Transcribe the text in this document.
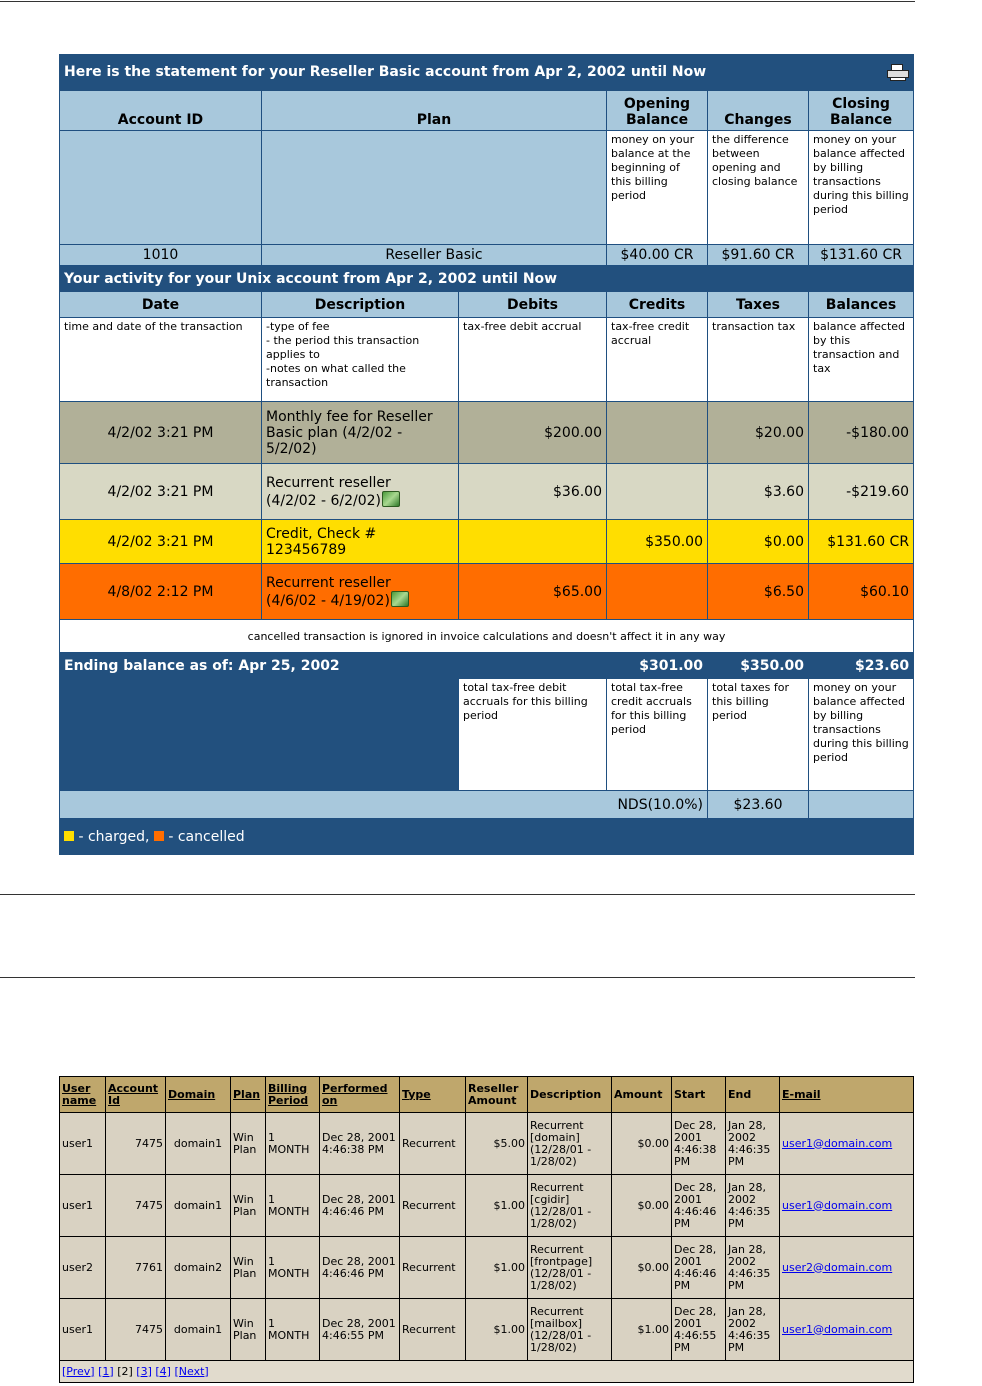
Here is the statement for your Reseller Basic account from Apr 2, 2002 until Now						

Account ID	Plan		Opening Balance	Changes	Closing Balance	
			money on your balance at the beginning of this billing period	the difference between opening and closing balance	money on your balance affected by billing transactions during this billing period	
1010	Reseller Basic		$40.00 CR	$91.60 CR	$131.60 CR	
Your activity for your Unix account from Apr 2, 2002 until Now						
Date	Description	Debits	Credits	Taxes	Balances	
time and date of the transaction	-type of fee
- the period this transaction applies to
-notes on what called the transaction	tax-free debit accrual	tax-free credit accrual	transaction tax	balance affected by this transaction and tax	
4/2/02 3:21 PM	Monthly fee for Reseller Basic plan (4/2/02 - 5/2/02)	$200.00		$20.00	-$180.00	
4/2/02 3:21 PM	Recurrent reseller
(4/2/02 - 6/2/02)	$36.00		$3.60	-$219.60	
4/2/02 3:21 PM	Credit, Check # 123456789		$350.00	$0.00	$131.60 CR	
4/8/02 2:12 PM	Recurrent reseller
(4/6/02 - 4/19/02)	$65.00		$6.50	$60.10	
cancelled transaction is ignored in invoice calculations and doesn't affect it in any way						
Ending balance as of: Apr 25, 2002			$301.00	$350.00	$23.60	$131.60
		total tax-free debit accruals for this billing period	total tax-free credit accruals for this billing period	total taxes for this billing period	money on your balance affected by billing transactions during this billing period	
NDS(10.0%)				$23.60		
- charged,  - cancelled						
User name	Account Id	Domain	Plan	Billing Period	Performed on	Type	Reseller Amount	Description	Amount	Start	End	E-mail
user1	7475	domain1	Win Plan	1 MONTH	Dec 28, 2001 4:46:38 PM	Recurrent	$5.00	Recurrent [domain] (12/28/01 - 1/28/02)	$0.00	Dec 28, 2001 4:46:38 PM	Jan 28, 2002 4:46:35 PM	user1@domain.com
user1	7475	domain1	Win Plan	1 MONTH	Dec 28, 2001 4:46:46 PM	Recurrent	$1.00	Recurrent [cgidir] (12/28/01 - 1/28/02)	$0.00	Dec 28, 2001 4:46:46 PM	Jan 28, 2002 4:46:35 PM	user1@domain.com
user2	7761	domain2	Win Plan	1 MONTH	Dec 28, 2001 4:46:46 PM	Recurrent	$1.00	Recurrent [frontpage] (12/28/01 - 1/28/02)	$0.00	Dec 28, 2001 4:46:46 PM	Jan 28, 2002 4:46:35 PM	user2@domain.com
user1	7475	domain1	Win Plan	1 MONTH	Dec 28, 2001 4:46:55 PM	Recurrent	$1.00	Recurrent [mailbox] (12/28/01 - 1/28/02)	$1.00	Dec 28, 2001 4:46:55 PM	Jan 28, 2002 4:46:35 PM	user1@domain.com
[Prev] [1] [2] [3] [4] [Next]												
